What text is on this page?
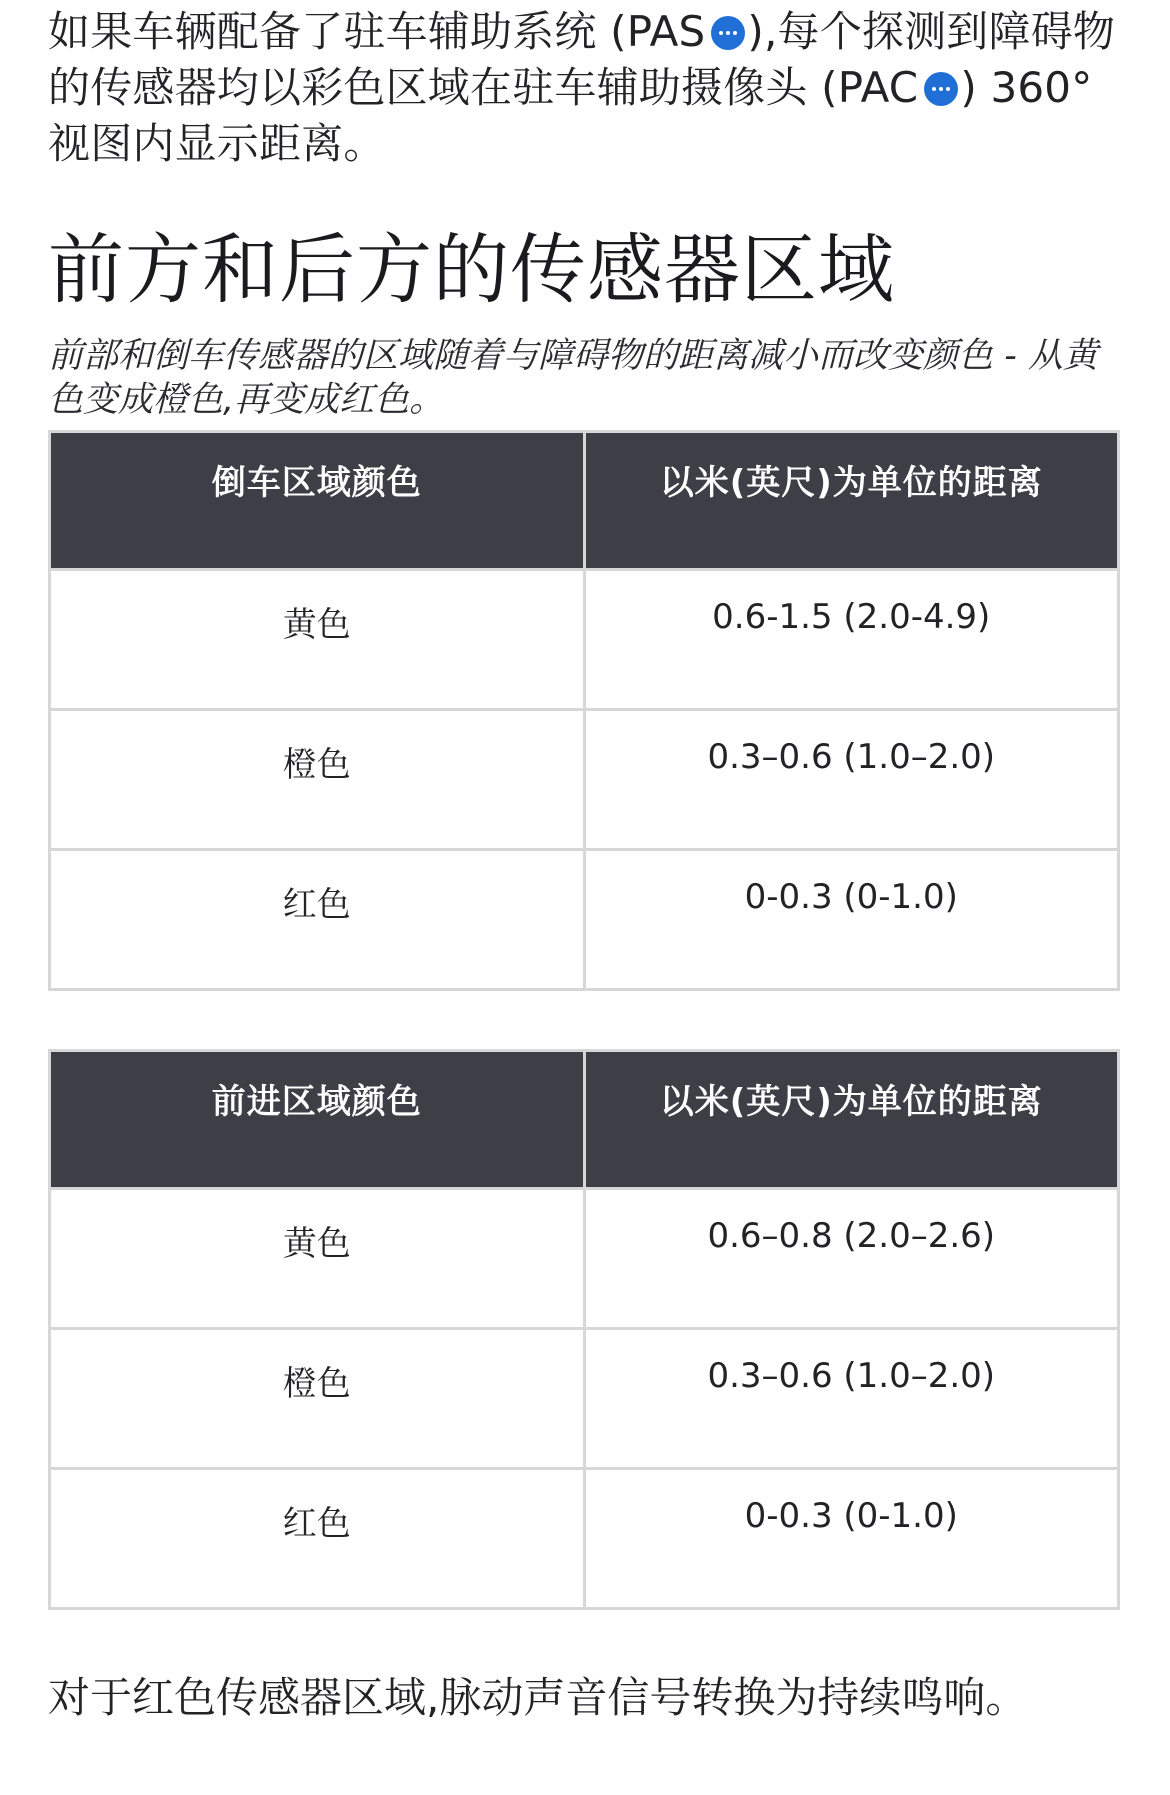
如果车辆配备了驻车辅助系统 (PAS ),每个探测到障碍物的传感器均以彩色区域在驻车辅助摄像头 (PAC ) 360°视图内显示距离。

前方和后方的传感器区域

前部和倒车传感器的区域随着与障碍物的距离减小而改变颜色 - 从黄色变成橙色,再变成红色。

倒车区域颜色	以米(英尺)为单位的距离
黄色	0.6-1.5 (2.0-4.9)
橙色	0.3–0.6 (1.0–2.0)
红色	0-0.3 (0-1.0)
前进区域颜色	以米(英尺)为单位的距离
黄色	0.6–0.8 (2.0–2.6)
橙色	0.3–0.6 (1.0–2.0)
红色	0-0.3 (0-1.0)

对于红色传感器区域,脉动声音信号转换为持续鸣响。
